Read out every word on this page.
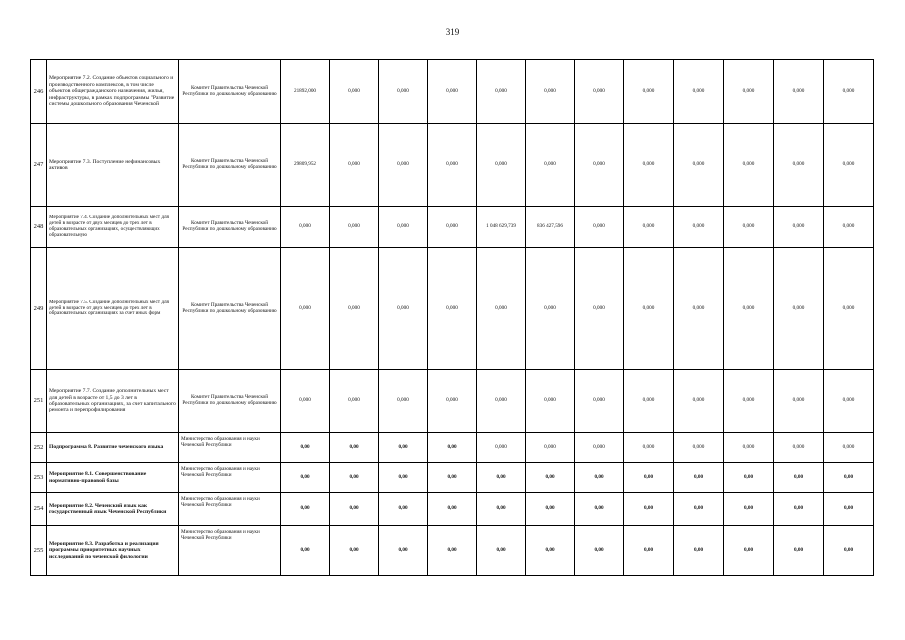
319
246	Мероприятие 7.2. Создание объектов социального и производственного комплексов, в том числе объектов общегражданского назначения, жилья, инфраструктуры, в рамках подпрограммы "Развитие системы дошкольного образования Чеченской	Комитет Правительства Чеченской Республики по дошкольному образованию	21892,000	0,000	0,000	0,000	0,000	0,000	0,000	0,000	0,000	0,000	0,000	0,000
247	Мероприятие 7.3. Поступление нефинансовых активов	Комитет Правительства Чеченской Республики по дошкольному образованию	29809,952	0,000	0,000	0,000	0,000	0,000	0,000	0,000	0,000	0,000	0,000	0,000
248	Мероприятие 7.4. Создание дополнительных мест для детей в возрасте от двух месяцев до трех лет в образовательных организациях, осуществляющих образовательную	Комитет Правительства Чеченской Республики по дошкольному образованию	0,000	0,000	0,000	0,000	1 048 629,739	836 427,596	0,000	0,000	0,000	0,000	0,000	0,000
249	Мероприятие 7.5. Создание дополнительных мест для детей в возрасте от двух месяцев до трех лет в образовательных организациях за счет иных форм	Комитет Правительства Чеченской Республики по дошкольному образованию	0,000	0,000	0,000	0,000	0,000	0,000	0,000	0,000	0,000	0,000	0,000	0,000
251	Мероприятие 7.7. Создание дополнительных мест для детей в возрасте от 1,5 до 3 лет в образовательных организациях, за счет капитального ремонта и перепрофилирования	Комитет Правительства Чеченской Республики по дошкольному образованию	0,000	0,000	0,000	0,000	0,000	0,000	0,000	0,000	0,000	0,000	0,000	0,000
252	Подпрограмма 8. Развитие чеченского языка	Министерство образования и науки Чеченской Республики	0,00	0,00	0,00	0,00	0,000	0,000	0,000	0,000	0,000	0,000	0,000	0,000
253	Мероприятие 8.1. Совершенствование нормативно-правовой базы	Министерство образования и науки Чеченской Республики	0,00	0,00	0,00	0,00	0,00	0,00	0,00	0,00	0,00	0,00	0,00	0,00
254	Мероприятие 8.2. Чеченский язык как государственный язык Чеченской Республики	Министерство образования и науки Чеченской Республики	0,00	0,00	0,00	0,00	0,00	0,00	0,00	0,00	0,00	0,00	0,00	0,00
255	Мероприятие 8.3. Разработка и реализация программы приоритетных научных исследований по чеченской филологии	Министерство образования и науки Чеченской Республики	0,00	0,00	0,00	0,00	0,00	0,00	0,00	0,00	0,00	0,00	0,00	0,00
